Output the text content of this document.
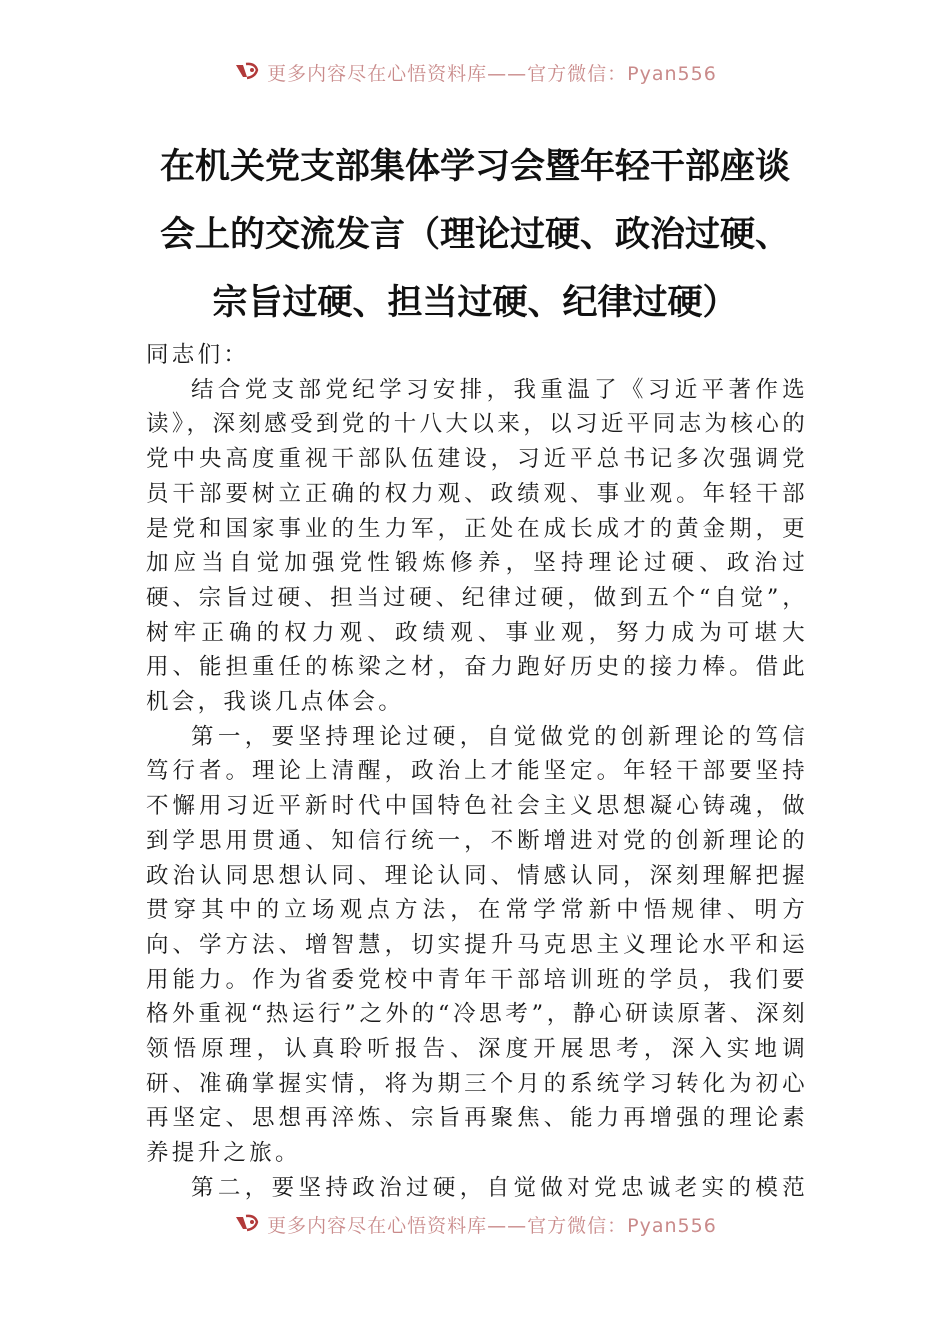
更多内容尽在心悟资料库——官方微信：Pyan556
在机关党支部集体学习会暨年轻干部座谈
会上的交流发言（理论过硬、政治过硬、
宗旨过硬、担当过硬、纪律过硬）

同志们：

结合党支部党纪学习安排，我重温了《习近平著作选读》，深刻感受到党的十八大以来，以习近平同志为核心的党中央高度重视干部队伍建设，习近平总书记多次强调党员干部要树立正确的权力观、政绩观、事业观。年轻干部是党和国家事业的生力军，正处在成长成才的黄金期，更加应当自觉加强党性锻炼修养，坚持理论过硬、政治过硬、宗旨过硬、担当过硬、纪律过硬，做到五个“自觉”，树牢正确的权力观、政绩观、事业观，努力成为可堪大用、能担重任的栋梁之材，奋力跑好历史的接力棒。借此机会，我谈几点体会。

第一，要坚持理论过硬，自觉做党的创新理论的笃信笃行者。理论上清醒，政治上才能坚定。年轻干部要坚持不懈用习近平新时代中国特色社会主义思想凝心铸魂，做到学思用贯通、知信行统一，不断增进对党的创新理论的政治认同思想认同、理论认同、情感认同，深刻理解把握贯穿其中的立场观点方法，在常学常新中悟规律、明方向、学方法、增智慧，切实提升马克思主义理论水平和运用能力。作为省委党校中青年干部培训班的学员，我们要格外重视“热运行”之外的“冷思考”，静心研读原著、深刻领悟原理，认真聆听报告、深度开展思考，深入实地调研、准确掌握实情，将为期三个月的系统学习转化为初心再坚定、思想再淬炼、宗旨再聚焦、能力再增强的理论素养提升之旅。

第二，要坚持政治过硬，自觉做对党忠诚老实的模范

更多内容尽在心悟资料库——官方微信：Pyan556
